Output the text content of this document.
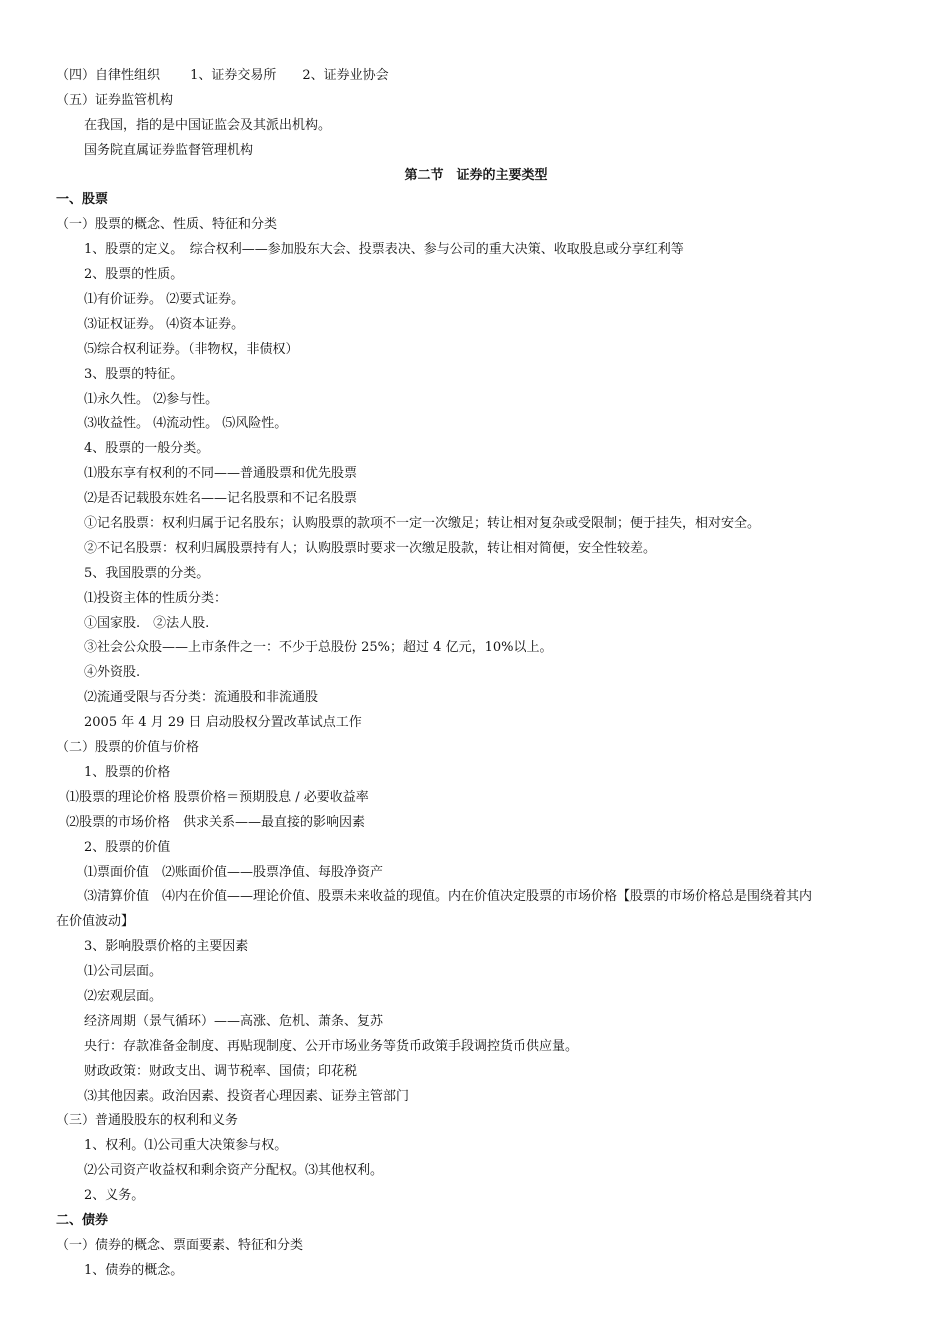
（四）自律性组织 　　1、证券交易所　　2、证券业协会
（五）证券监管机构
在我国，指的是中国证监会及其派出机构。
国务院直属证券监督管理机构
第二节　证券的主要类型
一、股票
（一）股票的概念、性质、特征和分类
1、股票的定义。　综合权利——参加股东大会、投票表决、参与公司的重大决策、收取股息或分享红利等
2、股票的性质。
⑴有价证券。 ⑵要式证券。
⑶证权证券。 ⑷资本证券。
⑸综合权利证券。（非物权，非债权）
3、股票的特征。
⑴永久性。 ⑵参与性。
⑶收益性。 ⑷流动性。 ⑸风险性。
4、股票的一般分类。
⑴股东享有权利的不同——普通股票和优先股票
⑵是否记载股东姓名——记名股票和不记名股票
①记名股票：权利归属于记名股东；认购股票的款项不一定一次缴足；转让相对复杂或受限制；便于挂失，相对安全。
②不记名股票：权利归属股票持有人；认购股票时要求一次缴足股款，转让相对简便，安全性较差。
5、我国股票的分类。
⑴投资主体的性质分类：
①国家股.　②法人股.
③社会公众股——上市条件之一：不少于总股份 25%；超过 4 亿元，10%以上。
④外资股.
⑵流通受限与否分类：流通股和非流通股
2005 年 4 月 29 日 启动股权分置改革试点工作
（二）股票的价值与价格
1、股票的价格
⑴股票的理论价格 股票价格＝预期股息 / 必要收益率
⑵股票的市场价格　供求关系——最直接的影响因素
2、股票的价值
⑴票面价值　⑵账面价值——股票净值、每股净资产
⑶清算价值　⑷内在价值——理论价值、股票未来收益的现值。内在价值决定股票的市场价格【股票的市场价格总是围绕着其内
在价值波动】
3、影响股票价格的主要因素
⑴公司层面。
⑵宏观层面。
经济周期（景气循环）——高涨、危机、萧条、复苏
央行：存款准备金制度、再贴现制度、公开市场业务等货币政策手段调控货币供应量。
财政政策：财政支出、调节税率、国债；印花税
⑶其他因素。政治因素、投资者心理因素、证券主管部门
（三）普通股股东的权利和义务
1、权利。⑴公司重大决策参与权。
⑵公司资产收益权和剩余资产分配权。⑶其他权利。
2、义务。
二、债券
（一）债券的概念、票面要素、特征和分类
1、债券的概念。
